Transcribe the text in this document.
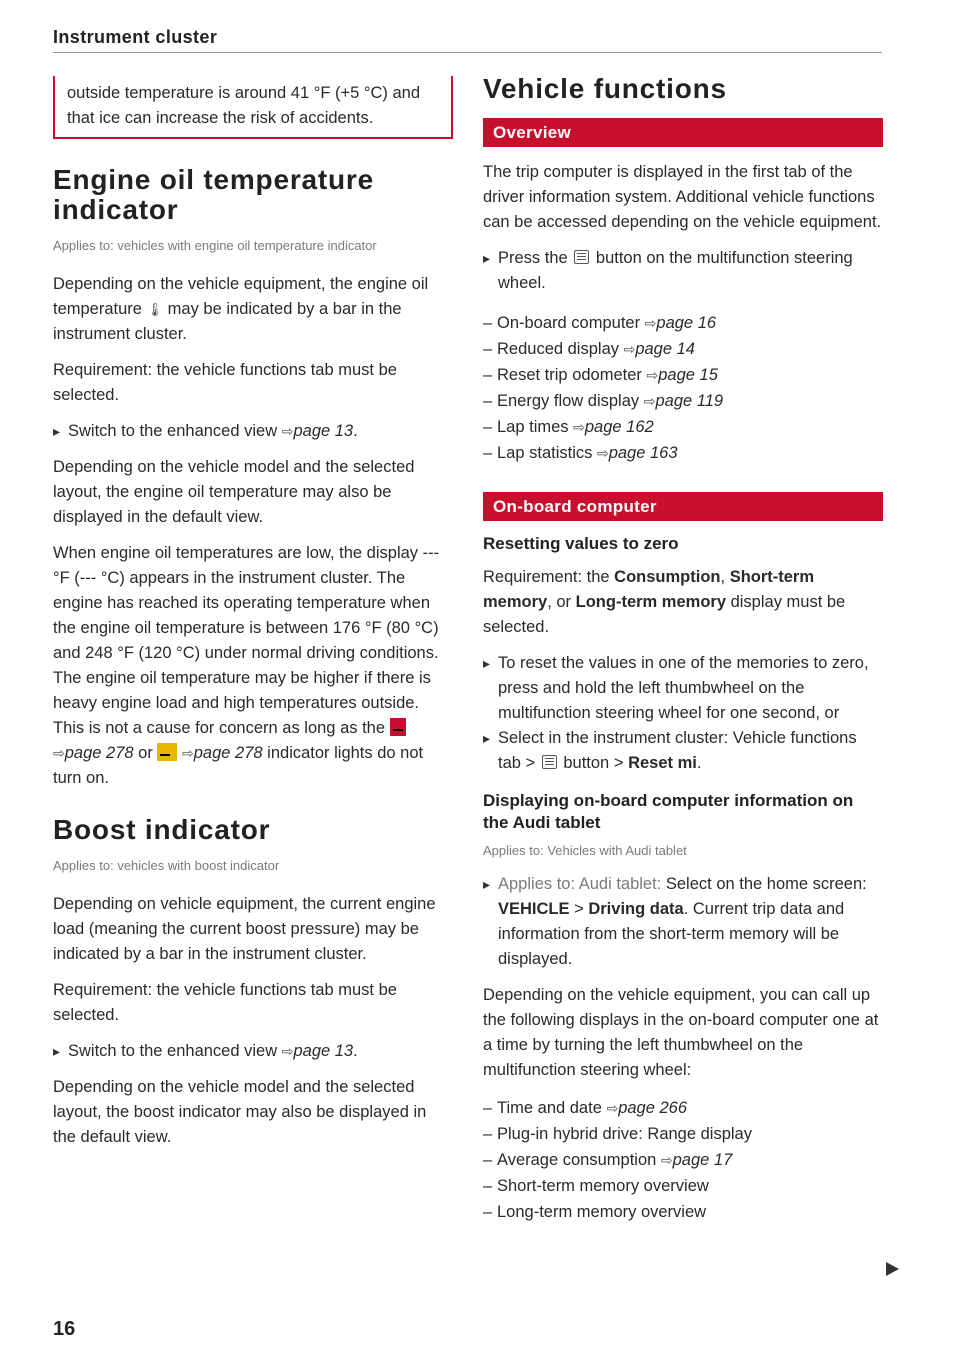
Instrument cluster
outside temperature is around 41 °F (+5 °C) and that ice can increase the risk of accidents.
Engine oil temperature indicator

Applies to: vehicles with engine oil temperature indicator

Depending on the vehicle equipment, the engine oil temperature 🌡︎ may be indicated by a bar in the instrument cluster.

Requirement: the vehicle functions tab must be selected.

▸ Switch to the enhanced view ⇨page 13.

Depending on the vehicle model and the selected layout, the engine oil temperature may also be displayed in the default view.

When engine oil temperatures are low, the display --- °F (--- °C) appears in the instrument cluster. The engine has reached its operating temperature when the engine oil temperature is between 176 °F (80 °C) and 248 °F (120 °C) under normal driving conditions. The engine oil temperature may be higher if there is heavy engine load and high temperatures outside. This is not a cause for concern as long as the
⇨page 278 or ⇨page 278 indicator lights do not turn on.

Boost indicator

Applies to: vehicles with boost indicator

Depending on vehicle equipment, the current engine load (meaning the current boost pressure) may be indicated by a bar in the instrument cluster.

Requirement: the vehicle functions tab must be selected.

▸ Switch to the enhanced view ⇨page 13.

Depending on the vehicle model and the selected layout, the boost indicator may also be displayed in the default view.

Vehicle functions
Overview

The trip computer is displayed in the first tab of the driver information system. Additional vehicle functions can be accessed depending on the vehicle equipment.

▸ Press the button on the multifunction steering wheel.

– On-board computer ⇨page 16
– Reduced display ⇨page 14
– Reset trip odometer ⇨page 15
– Energy flow display ⇨page 119
– Lap times ⇨page 162
– Lap statistics ⇨page 163
On-board computer
Resetting values to zero

Requirement: the Consumption, Short-term memory, or Long-term memory display must be selected.

▸ To reset the values in one of the memories to zero, press and hold the left thumbwheel on the multifunction steering wheel for one second, or

▸ Select in the instrument cluster: Vehicle functions tab > button > Reset mi.

Displaying on-board computer information on the Audi tablet

Applies to: Vehicles with Audi tablet

▸ Applies to: Audi tablet: Select on the home screen: VEHICLE > Driving data. Current trip data and information from the short-term memory will be displayed.

Depending on the vehicle equipment, you can call up the following displays in the on-board computer one at a time by turning the left thumbwheel on the multifunction steering wheel:

– Time and date ⇨page 266
– Plug-in hybrid drive: Range display
– Average consumption ⇨page 17
– Short-term memory overview
– Long-term memory overview
16
